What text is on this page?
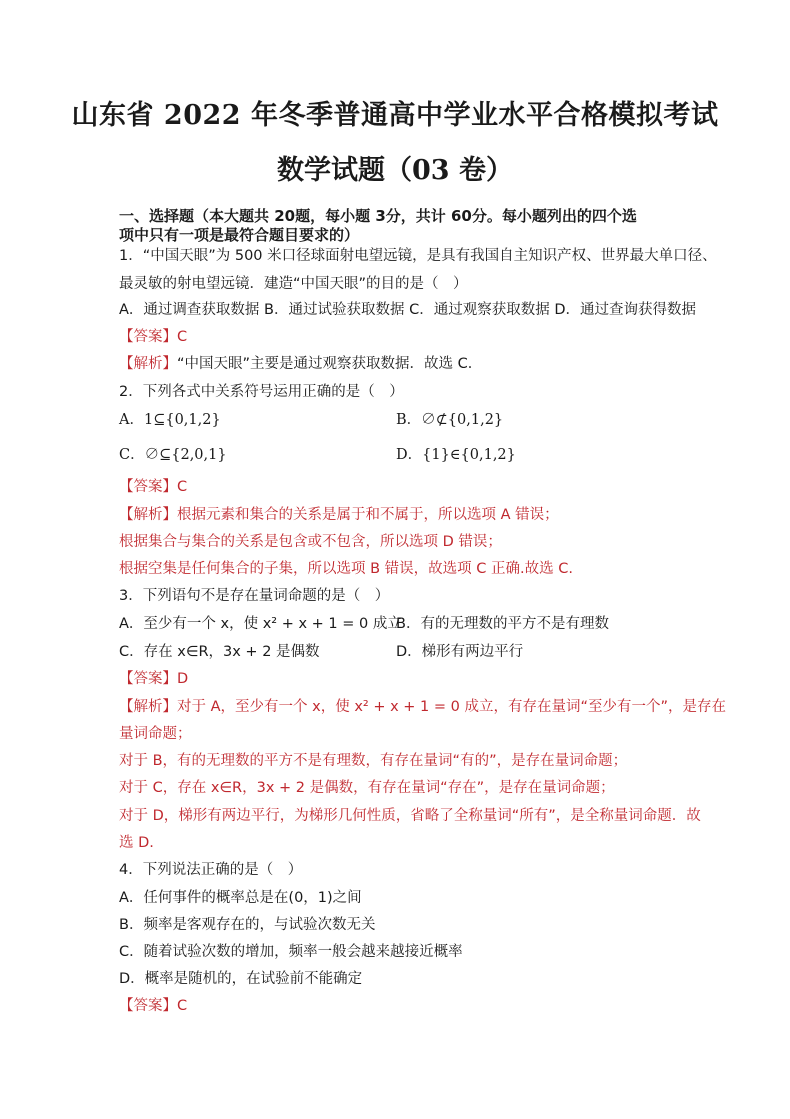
山东省 2022 年冬季普通高中学业水平合格模拟考试
数学试题（03 卷）
一、选择题（本大题共 20题，每小题 3分，共计 60分。每小题列出的四个选
项中只有一项是最符合题目要求的）
1．“中国天眼”为 500 米口径球面射电望远镜，是具有我国自主知识产权、世界最大单口径、
最灵敏的射电望远镜．建造“中国天眼”的目的是（　）
A．通过调查获取数据 B．通过试验获取数据 C．通过观察获取数据 D．通过查询获得数据
【答案】C
【解析】“中国天眼”主要是通过观察获取数据．故选 C．
2．下列各式中关系符号运用正确的是（　）
A．1⊆{0,1,2}	B．∅⊄{0,1,2}
C．∅⊆{2,0,1}	D．{1}∈{0,1,2}
【答案】C
【解析】根据元素和集合的关系是属于和不属于，所以选项 A 错误；
根据集合与集合的关系是包含或不包含，所以选项 D 错误；
根据空集是任何集合的子集，所以选项 B 错误，故选项 C 正确.故选 C.
3．下列语句不是存在量词命题的是（　）
A．至少有一个 x，使 x² + x + 1 = 0 成立
B．有的无理数的平方不是有理数
C．存在 x∈R，3x + 2 是偶数	D．梯形有两边平行
【答案】D
【解析】对于 A，至少有一个 x，使 x² + x + 1 = 0 成立，有存在量词“至少有一个”，是存在
量词命题；
对于 B，有的无理数的平方不是有理数，有存在量词“有的”，是存在量词命题；
对于 C，存在 x∈R，3x + 2 是偶数，有存在量词“存在”，是存在量词命题；
对于 D，梯形有两边平行，为梯形几何性质，省略了全称量词“所有”，是全称量词命题．故
选 D.
4．下列说法正确的是（　）
A．任何事件的概率总是在(0，1)之间
B．频率是客观存在的，与试验次数无关
C．随着试验次数的增加，频率一般会越来越接近概率
D．概率是随机的，在试验前不能确定
【答案】C
